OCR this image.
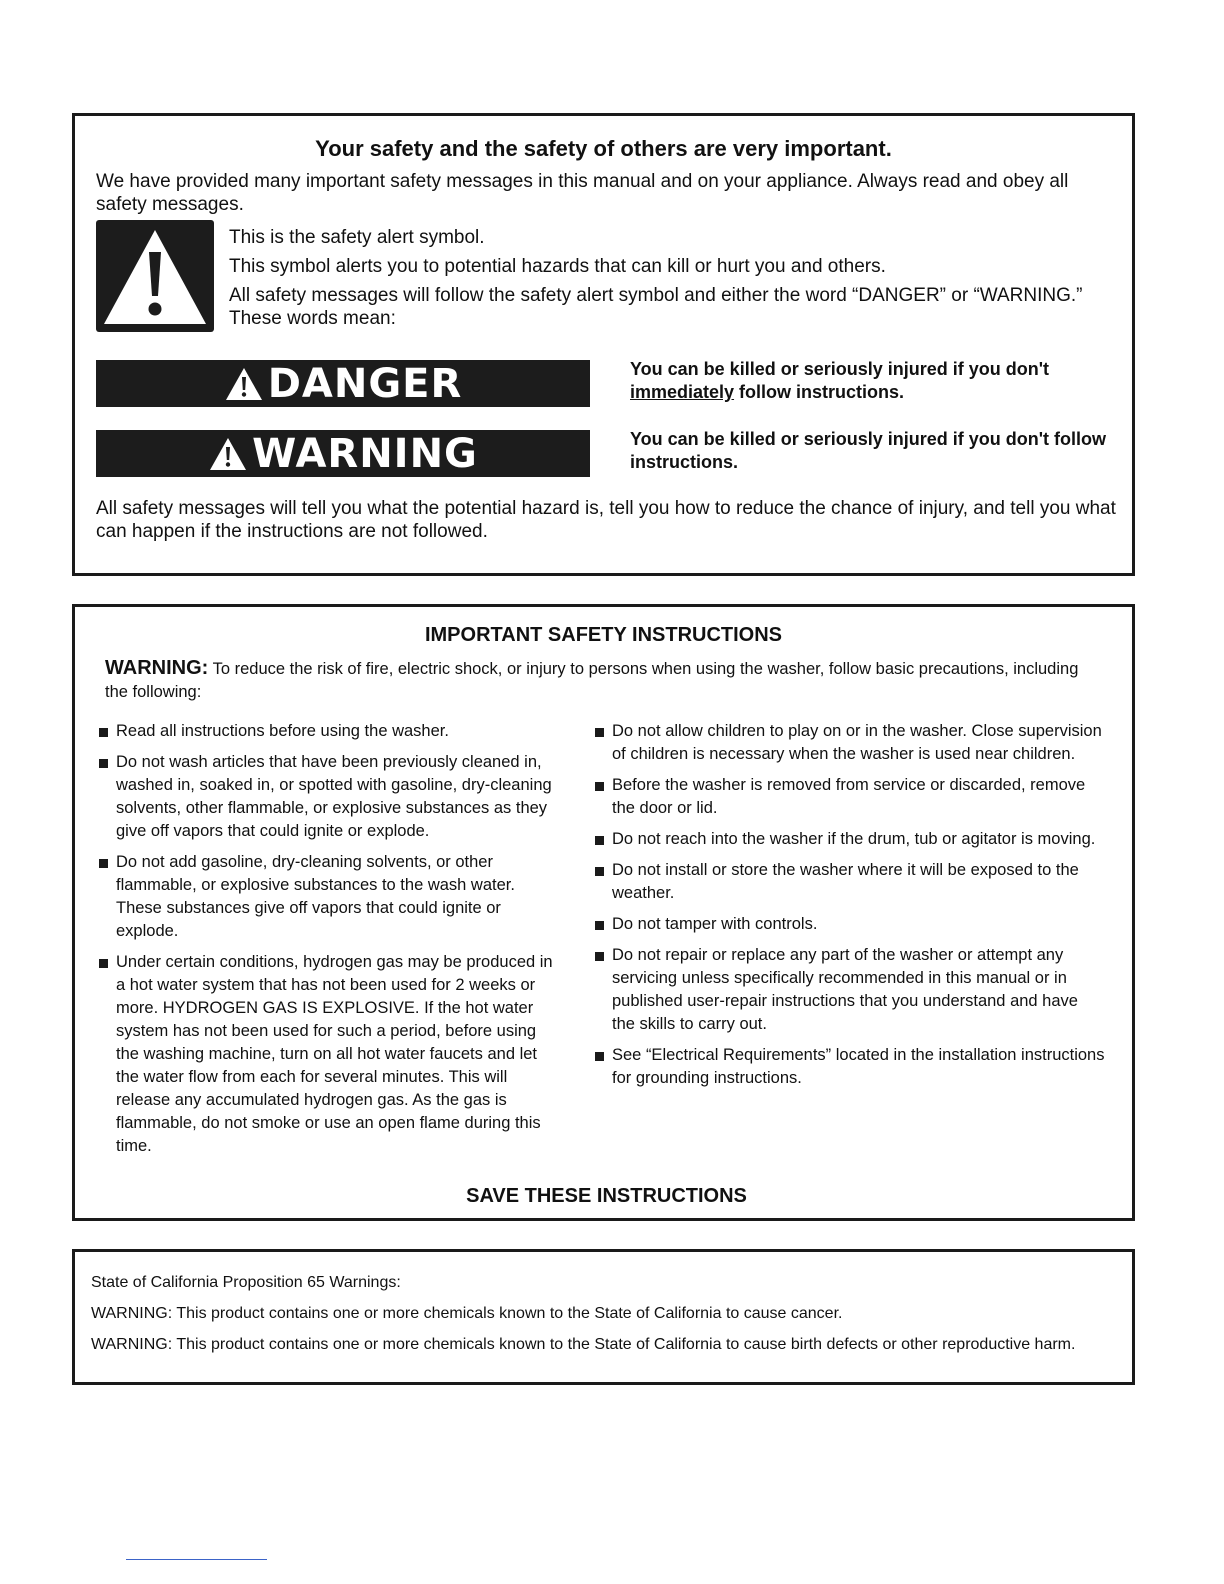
Your safety and the safety of others are very important.
We have provided many important safety messages in this manual and on your appliance. Always read and obey all safety messages.
This is the safety alert symbol.
This symbol alerts you to potential hazards that can kill or hurt you and others.
All safety messages will follow the safety alert symbol and either the word “DANGER” or “WARNING.” These words mean:
DANGER	You can be killed or seriously injured if you don't immediately follow instructions.
WARNING	You can be killed or seriously injured if you don't follow instructions.
All safety messages will tell you what the potential hazard is, tell you how to reduce the chance of injury, and tell you what can happen if the instructions are not followed.
IMPORTANT SAFETY INSTRUCTIONS
WARNING: To reduce the risk of fire, electric shock, or injury to persons when using the washer, follow basic precautions, including the following:
Read all instructions before using the washer.
Do not wash articles that have been previously cleaned in, washed in, soaked in, or spotted with gasoline, dry-cleaning solvents, other flammable, or explosive substances as they give off vapors that could ignite or explode.
Do not add gasoline, dry-cleaning solvents, or other flammable, or explosive substances to the wash water. These substances give off vapors that could ignite or explode.
Under certain conditions, hydrogen gas may be produced in a hot water system that has not been used for 2 weeks or more. HYDROGEN GAS IS EXPLOSIVE. If the hot water system has not been used for such a period, before using the washing machine, turn on all hot water faucets and let the water flow from each for several minutes. This will release any accumulated hydrogen gas. As the gas is flammable, do not smoke or use an open flame during this time.
Do not allow children to play on or in the washer. Close supervision of children is necessary when the washer is used near children.
Before the washer is removed from service or discarded, remove the door or lid.
Do not reach into the washer if the drum, tub or agitator is moving.
Do not install or store the washer where it will be exposed to the weather.
Do not tamper with controls.
Do not repair or replace any part of the washer or attempt any servicing unless specifically recommended in this manual or in published user-repair instructions that you understand and have the skills to carry out.
See “Electrical Requirements” located in the installation instructions for grounding instructions.
SAVE THESE INSTRUCTIONS
State of California Proposition 65 Warnings:
WARNING: This product contains one or more chemicals known to the State of California to cause cancer.
WARNING: This product contains one or more chemicals known to the State of California to cause birth defects or other reproductive harm.
